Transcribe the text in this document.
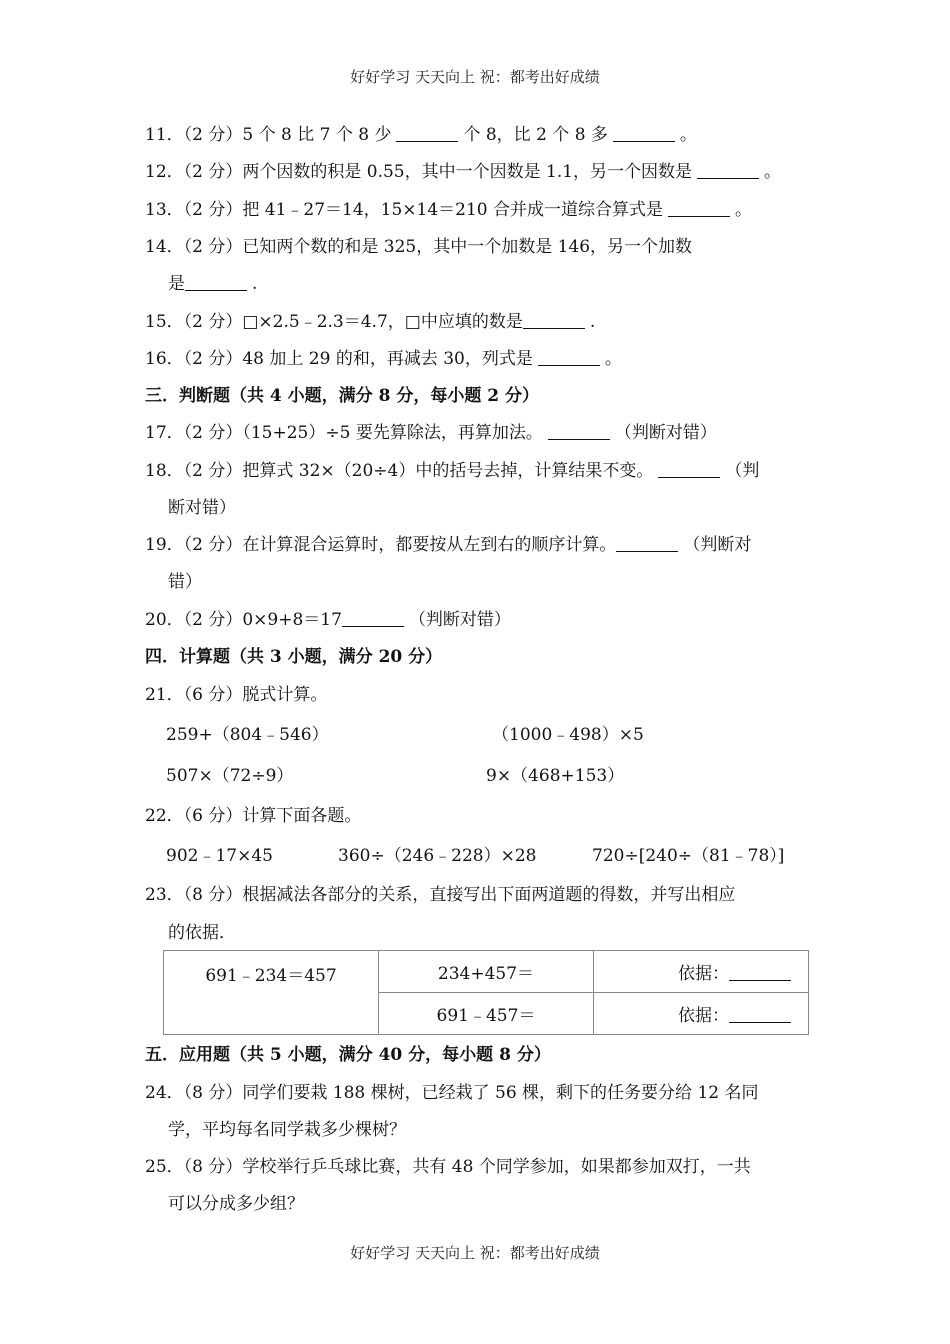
好好学习 天天向上 祝：都考出好成绩
11．（2 分）5 个 8 比 7 个 8 少	个 8，比 2 个 8 多	。
12．（2 分）两个因数的积是 0.55，其中一个因数是 1.1，另一个因数是	。
13．（2 分）把 41﹣27＝14，15×14＝210 合并成一道综合算式是	。
14．（2 分）已知两个数的和是 325，其中一个加数是 146，另一个加数
是	.
15．（2 分）□×2.5﹣2.3＝4.7，□中应填的数是	.
16．（2 分）48 加上 29 的和，再减去 30，列式是	。
三．判断题（共 4 小题，满分 8 分，每小题 2 分）
17．（2 分）（15+25）÷5 要先算除法，再算加法。	（判断对错）
18．（2 分）把算式 32×（20÷4）中的括号去掉，计算结果不变。	（判
断对错）
19．（2 分）在计算混合运算时，都要按从左到右的顺序计算。	（判断对
错）
20．（2 分）0×9+8＝17	（判断对错）
四．计算题（共 3 小题，满分 20 分）
21．（6 分）脱式计算。
259+（804﹣546）	（1000﹣498）×5
507×（72÷9）	9×（468+153）
22．（6 分）计算下面各题。
902﹣17×45	360÷（246﹣228）×28	720÷[240÷（81﹣78）]
23．（8 分）根据减法各部分的关系，直接写出下面两道题的得数，并写出相应
的依据．
691﹣234＝457	234+457＝	依据：
	691﹣457＝	依据：
五．应用题（共 5 小题，满分 40 分，每小题 8 分）
24．（8 分）同学们要栽 188 棵树，已经栽了 56 棵，剩下的任务要分给 12 名同
学，平均每名同学栽多少棵树？
25．（8 分）学校举行乒乓球比赛，共有 48 个同学参加，如果都参加双打，一共
可以分成多少组？
好好学习 天天向上 祝：都考出好成绩
